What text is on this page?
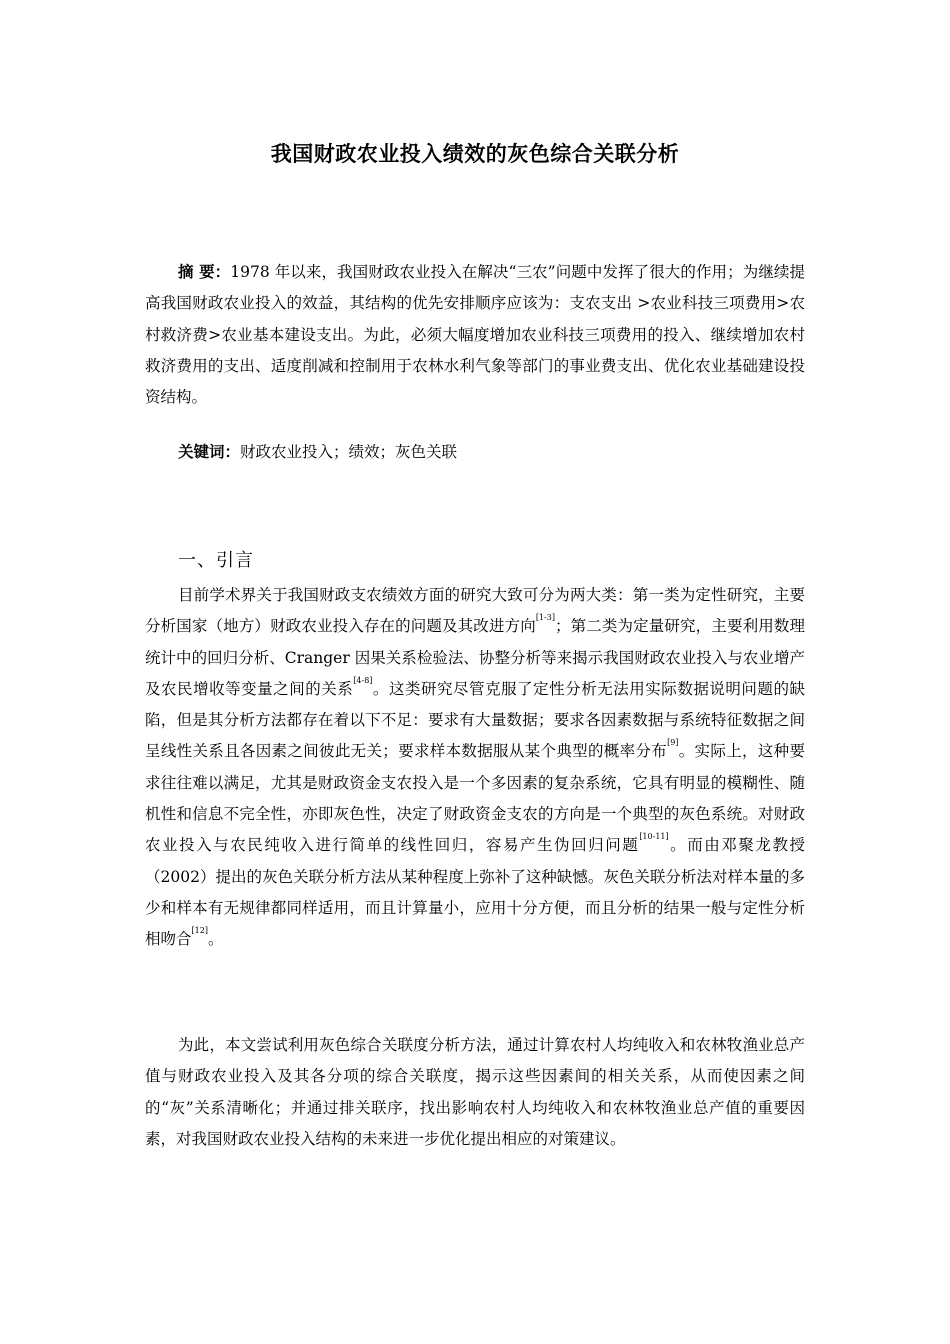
我国财政农业投入绩效的灰色综合关联分析
摘 要：1978 年以来，我国财政农业投入在解决“三农”问题中发挥了很大的作用；为继续提高我国财政农业投入的效益，其结构的优先安排顺序应该为：支农支出 >农业科技三项费用>农村救济费>农业基本建设支出。为此，必须大幅度增加农业科技三项费用的投入、继续增加农村救济费用的支出、适度削减和控制用于农林水利气象等部门的事业费支出、优化农业基础建设投资结构。
关键词：财政农业投入；绩效；灰色关联
一、引言
目前学术界关于我国财政支农绩效方面的研究大致可分为两大类：第一类为定性研究，主要分析国家（地方）财政农业投入存在的问题及其改进方向[1-3]；第二类为定量研究，主要利用数理统计中的回归分析、Cranger 因果关系检验法、协整分析等来揭示我国财政农业投入与农业增产及农民增收等变量之间的关系[4-8]。这类研究尽管克服了定性分析无法用实际数据说明问题的缺陷，但是其分析方法都存在着以下不足：要求有大量数据；要求各因素数据与系统特征数据之间呈线性关系且各因素之间彼此无关；要求样本数据服从某个典型的概率分布[9]。实际上，这种要求往往难以满足，尤其是财政资金支农投入是一个多因素的复杂系统，它具有明显的模糊性、随机性和信息不完全性，亦即灰色性，决定了财政资金支农的方向是一个典型的灰色系统。对财政农业投入与农民纯收入进行简单的线性回归，容易产生伪回归问题[10-11]。而由邓聚龙教授（2002）提出的灰色关联分析方法从某种程度上弥补了这种缺憾。灰色关联分析法对样本量的多少和样本有无规律都同样适用，而且计算量小，应用十分方便，而且分析的结果一般与定性分析相吻合[12]。
为此，本文尝试利用灰色综合关联度分析方法，通过计算农村人均纯收入和农林牧渔业总产值与财政农业投入及其各分项的综合关联度，揭示这些因素间的相关关系，从而使因素之间的“灰”关系清晰化；并通过排关联序，找出影响农村人均纯收入和农林牧渔业总产值的重要因素，对我国财政农业投入结构的未来进一步优化提出相应的对策建议。
